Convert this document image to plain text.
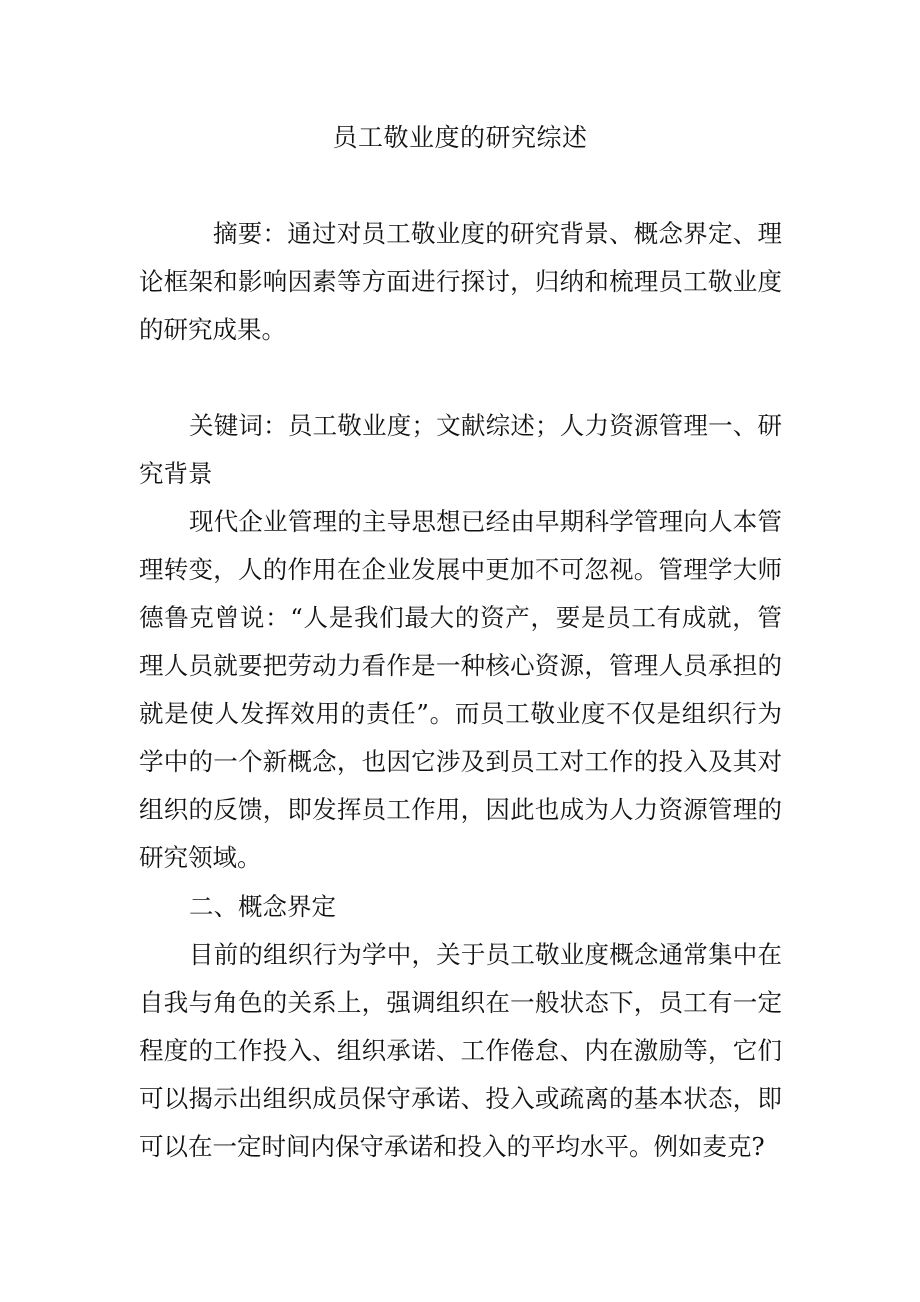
员工敬业度的研究综述

摘要：通过对员工敬业度的研究背景、概念界定、理论框架和影响因素等方面进行探讨，归纳和梳理员工敬业度的研究成果。

关键词：员工敬业度；文献综述；人力资源管理一、研究背景

现代企业管理的主导思想已经由早期科学管理向人本管理转变，人的作用在企业发展中更加不可忽视。管理学大师德鲁克曾说：“人是我们最大的资产，要是员工有成就，管理人员就要把劳动力看作是一种核心资源，管理人员承担的就是使人发挥效用的责任”。而员工敬业度不仅是组织行为学中的一个新概念，也因它涉及到员工对工作的投入及其对组织的反馈，即发挥员工作用，因此也成为人力资源管理的研究领域。

二、概念界定

目前的组织行为学中，关于员工敬业度概念通常集中在自我与角色的关系上，强调组织在一般状态下，员工有一定程度的工作投入、组织承诺、工作倦怠、内在激励等，它们可以揭示出组织成员保守承诺、投入或疏离的基本状态，即可以在一定时间内保守承诺和投入的平均水平。例如麦克?
